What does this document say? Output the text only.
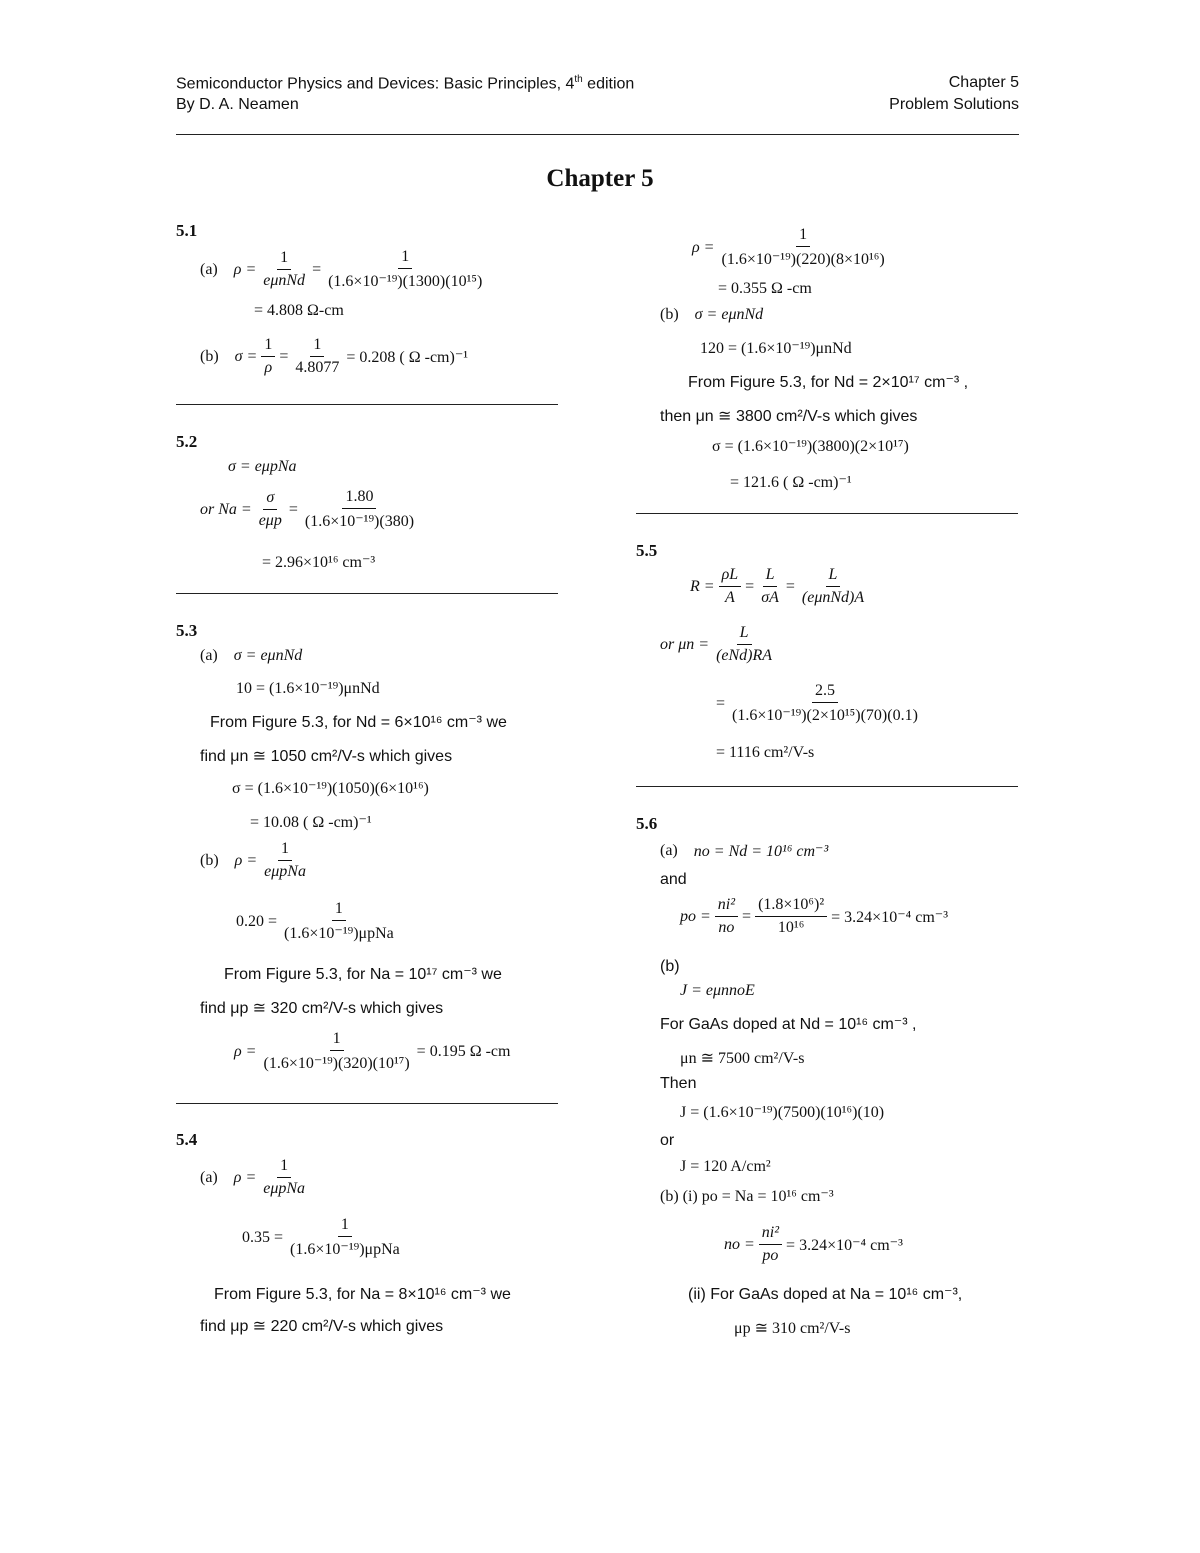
Semiconductor Physics and Devices: Basic Principles, 4th edition
By D. A. Neamen
Chapter 5
Problem Solutions
Chapter 5
5.1
(a) $\rho = \frac{1}{\text{eμnNd}} = \frac{1}{\text{(1.6×10⁻¹⁹)(1300)(10¹⁵)}}$
= 4.808 Ω-cm
(b) $\sigma = \frac{1}{\rho} = \frac{1}{4.8077} = 0.208$ ( Ω -cm)⁻¹
5.2
σ = eμpNa
or $Na = \frac{\sigma}{\text{eμp}} = \frac{1.80}{\text{(1.6×10⁻¹⁹)(380)}}$
= 2.96×10¹⁶ cm⁻³
5.3
(a) σ = eμnNd
10 = (1.6×10⁻¹⁹)μnNd
From Figure 5.3, for Nd = 6×10¹⁶ cm⁻³ we
find μn ≅ 1050 cm²/V-s which gives
σ = (1.6×10⁻¹⁹)(1050)(6×10¹⁶)
= 10.08 ( Ω -cm)⁻¹
(b) $\rho = \frac{1}{\text{eμpNa}}$
$0.20 = \frac{1}{\text{(1.6×10⁻¹⁹)μpNa}}$
From Figure 5.3, for Na = 10¹⁷ cm⁻³ we
find μp ≅ 320 cm²/V-s which gives
$\rho = \frac{1}{\text{(1.6×10⁻¹⁹)(320)(10¹⁷)}} = 0.195$ Ω -cm
5.4
(a) $\rho = \frac{1}{\text{eμpNa}}$
$0.35 = \frac{1}{\text{(1.6×10⁻¹⁹)μpNa}}$
From Figure 5.3, for Na = 8×10¹⁶ cm⁻³ we
find μp ≅ 220 cm²/V-s which gives
$\rho = \frac{1}{\text{(1.6×10⁻¹⁹)(220)(8×10¹⁶)}}$
= 0.355 Ω -cm
(b) σ = eμnNd
120 = (1.6×10⁻¹⁹)μnNd
From Figure 5.3, for Nd = 2×10¹⁷ cm⁻³ ,
then μn ≅ 3800 cm²/V-s which gives
σ = (1.6×10⁻¹⁹)(3800)(2×10¹⁷)
= 121.6 ( Ω -cm)⁻¹
5.5
$R = \frac{\rho L}{A} = \frac{L}{\sigma A} = \frac{L}{\text{(eμnNd)A}}$
or $\mu n = \frac{L}{\text{(eNd)RA}}$
= $\frac{2.5}{\text{(1.6×10⁻¹⁹)(2×10¹⁵)(70)(0.1)}}$
= 1116 cm²/V-s
5.6
(a) no = Nd = 10¹⁶ cm⁻³
and
po = $\frac{\text{ni²}}{no} = \frac{\text{(1.8×10⁶)²}}{\text{10¹⁶}} = 3.24\times 10^{-4}$ cm⁻³
(b)
J = eμnnoE
For GaAs doped at Nd = 10¹⁶ cm⁻³ ,
μn ≅ 7500 cm²/V-s
Then
J = (1.6×10⁻¹⁹)(7500)(10¹⁶)(10)
or
J = 120 A/cm²
(b) (i) po = Na = 10¹⁶ cm⁻³
no = $\frac{\text{ni²}}{po} = 3.24\times 10^{-4}$ cm⁻³
(ii) For GaAs doped at Na = 10¹⁶ cm⁻³,
μp ≅ 310 cm²/V-s
